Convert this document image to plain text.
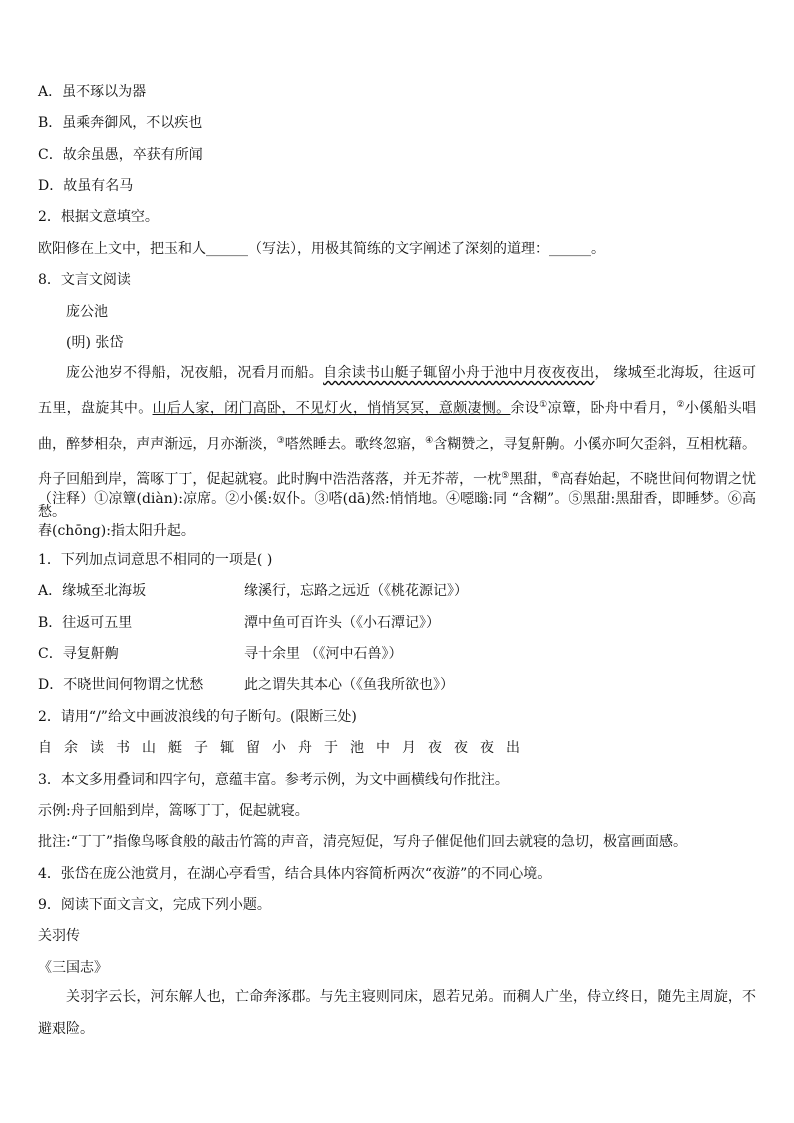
A．虽不琢以为器
B．虽乘奔御风，不以疾也
C．故余虽愚，卒获有所闻
D．故虽有名马
2．根据文意填空。
欧阳修在上文中，把玉和人______（写法），用极其简练的文字阐述了深刻的道理：______。
8．文言文阅读
庞公池
(明) 张岱

庞公池岁不得船，况夜船，况看月而船。自余读书山艇子辄留小舟于池中月夜夜夜出， 缘城至北海坂，往返可五里，盘旋其中。山后人家，闭门高卧，不见灯火，悄悄冥冥，意颇凄恻。余设①凉簟，卧舟中看月，②小傒船头唱曲，醉梦相杂，声声渐远，月亦渐淡，③嗒然睡去。歌终忽寤，④含糊赞之，寻复鼾齁。小傒亦呵欠歪斜，互相枕藉。舟子回船到岸，篙啄丁丁，促起就寝。此时胸中浩浩落落，并无芥蒂，一枕⑤黑甜，⑥高舂始起，不晓世间何物谓之忧愁。

（注释）①凉簟(diàn):凉席。②小傒:奴仆。③嗒(dā)然:悄悄地。④噁暡:同 “含糊”。⑤黑甜:黑甜香，即睡梦。⑥高舂(chōng):指太阳升起。

1．下列加点词意思不相同的一项是( )
A．缘城至北海坂	缘溪行，忘路之远近（《桃花源记》）
B．往返可五里	潭中鱼可百许头（《小石潭记》）
C．寻复鼾齁	寻十余里 （《河中石兽》）
D．不晓世间何物谓之忧愁	此之谓失其本心（《鱼我所欲也》）
2．请用“/”给文中画波浪线的句子断句。(限断三处)
自余读书山艇子辄留小舟于池中月夜夜夜出
3．本文多用叠词和四字句，意蕴丰富。参考示例，为文中画横线句作批注。
示例:舟子回船到岸，篙啄丁丁，促起就寝。
批注:“丁丁”指像鸟啄食般的敲击竹篙的声音，清亮短促，写舟子催促他们回去就寝的急切，极富画面感。
4．张岱在庞公池赏月，在湖心亭看雪，结合具体内容简析两次“夜游”的不同心境。
9．阅读下面文言文，完成下列小题。
关羽传
《三国志》

关羽字云长，河东解人也，亡命奔涿郡。与先主寝则同床，恩若兄弟。而稠人广坐，侍立终日，随先主周旋，不避艰险。
